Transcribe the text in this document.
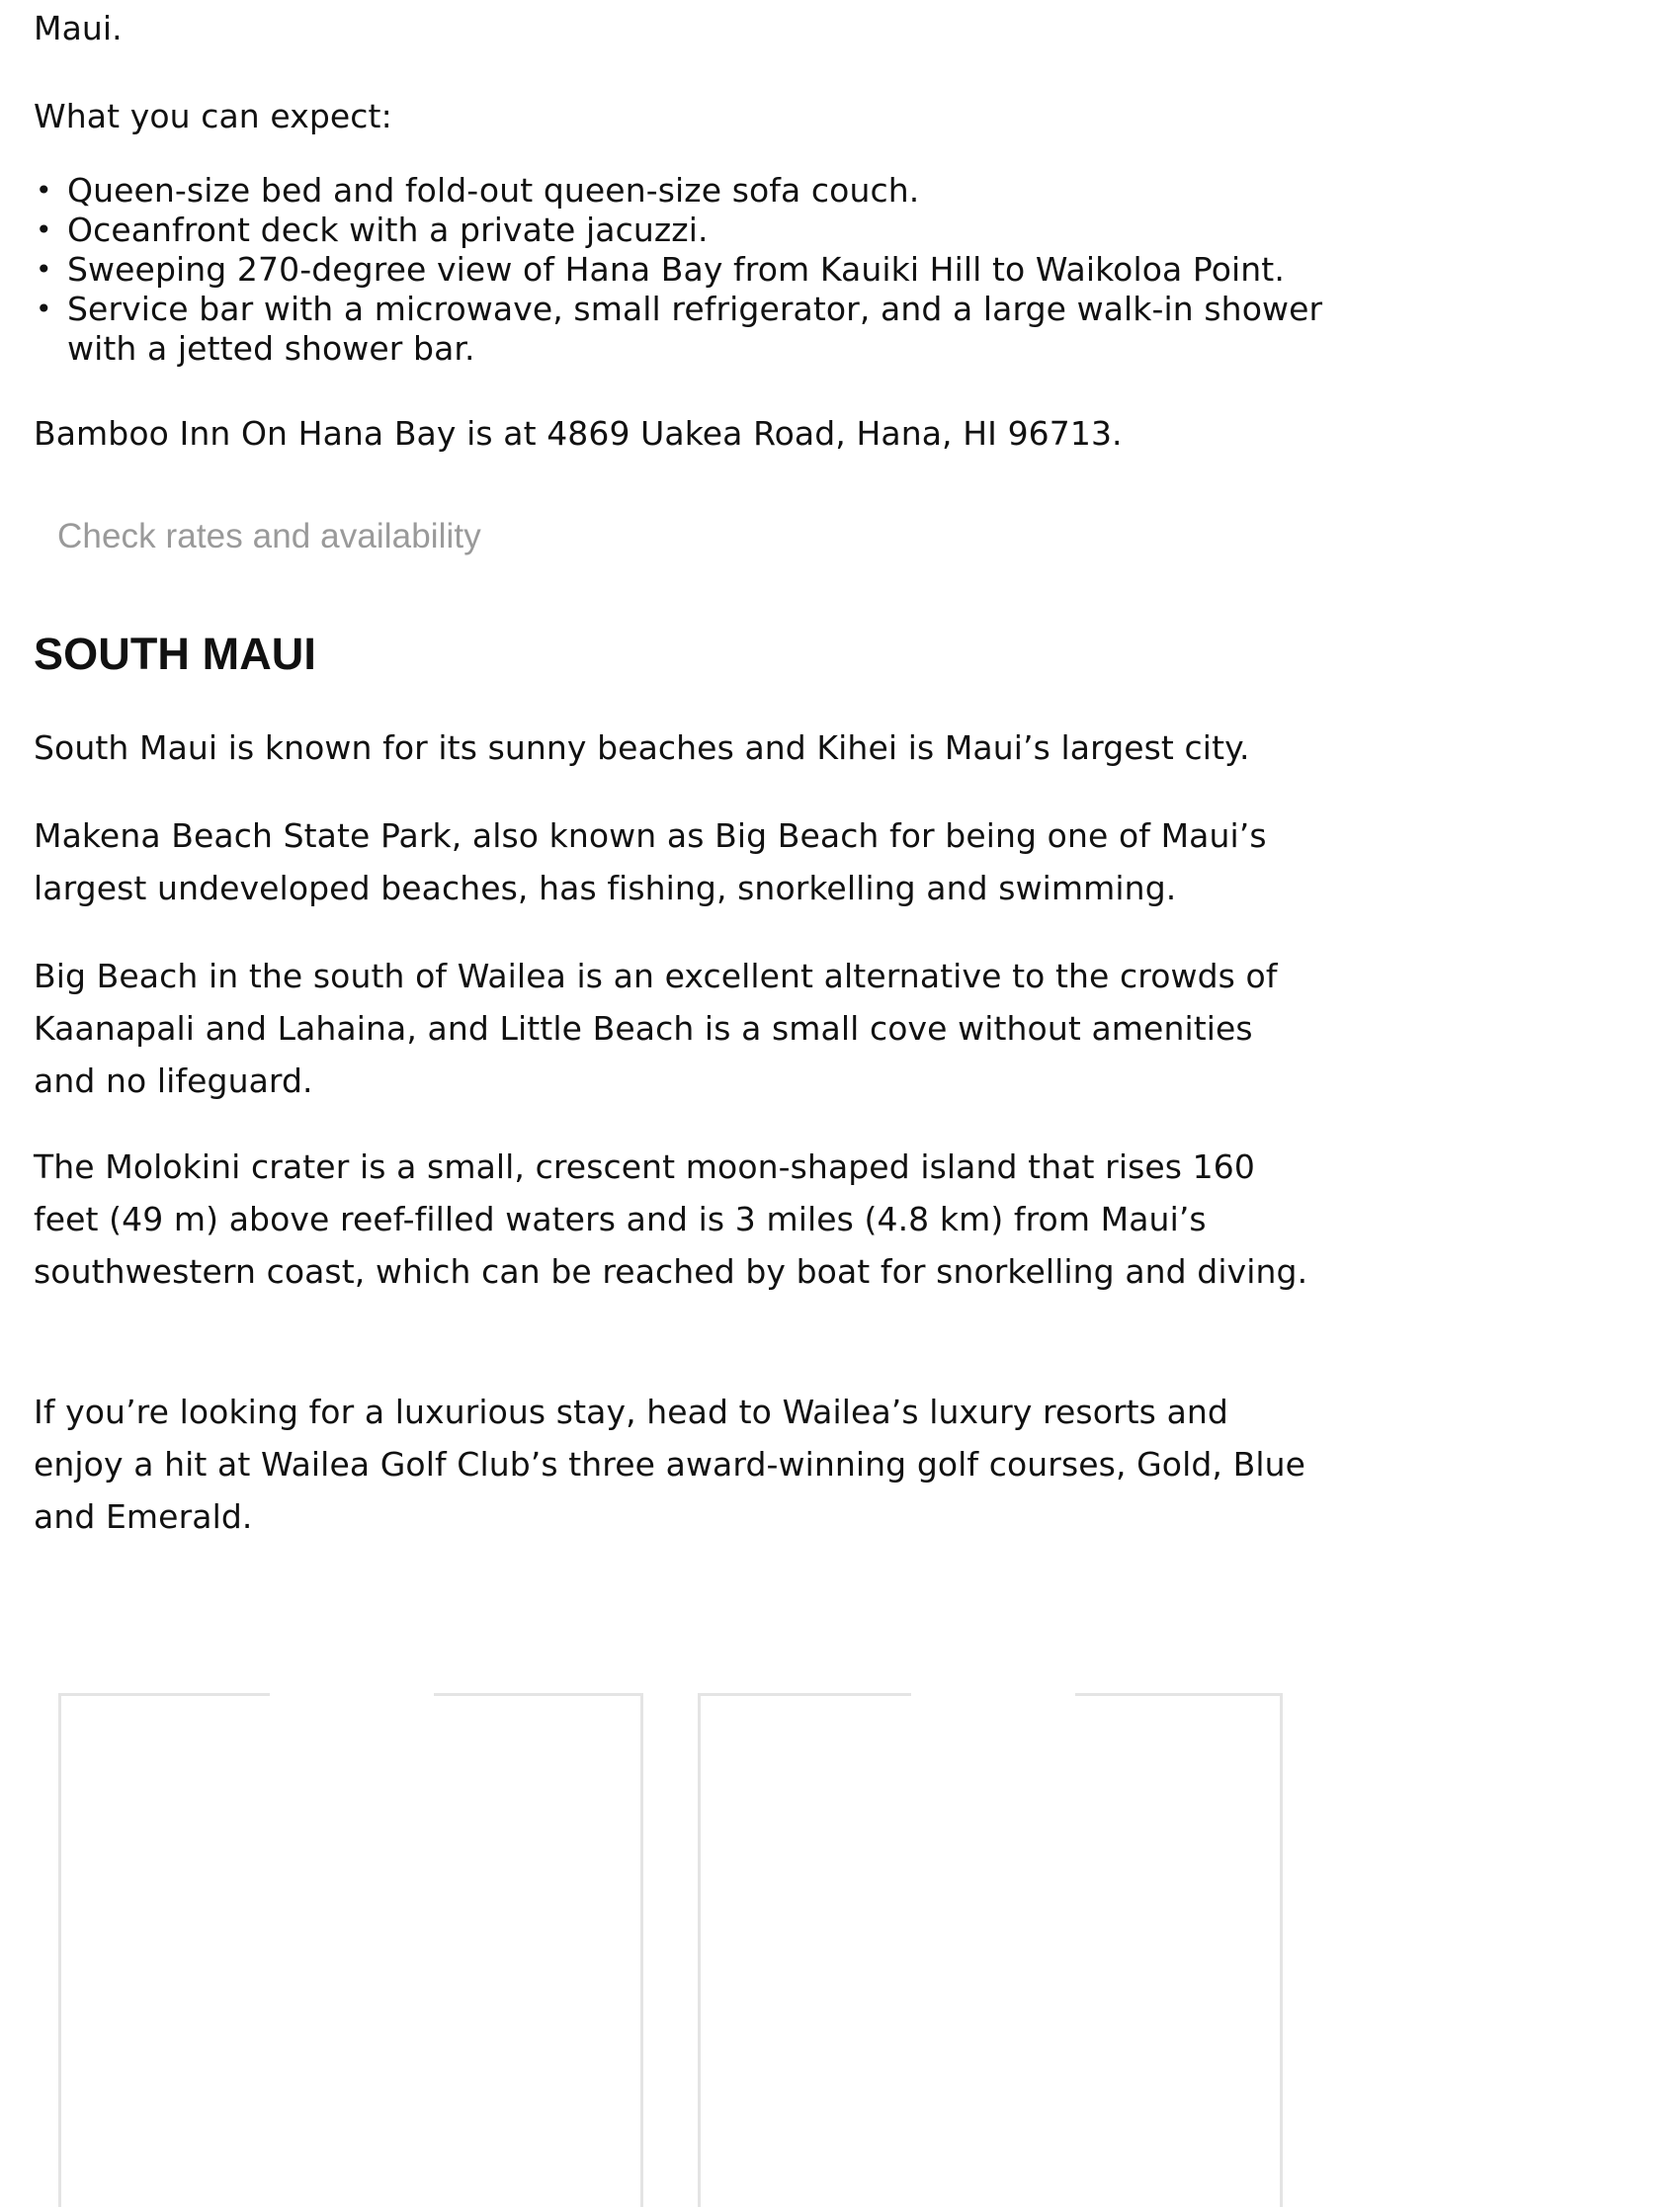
Maui.

What you can expect:

• Queen-size bed and fold-out queen-size sofa couch.
• Oceanfront deck with a private jacuzzi.
• Sweeping 270-degree view of Hana Bay from Kauiki Hill to Waikoloa Point.
• Service bar with a microwave, small refrigerator, and a large walk-in shower with a jetted shower bar.

Bamboo Inn On Hana Bay is at 4869 Uakea Road, Hana, HI 96713.

Check rates and availability
SOUTH MAUI

South Maui is known for its sunny beaches and Kihei is Maui’s largest city.

Makena Beach State Park, also known as Big Beach for being one of Maui’s largest undeveloped beaches, has fishing, snorkelling and swimming.

Big Beach in the south of Wailea is an excellent alternative to the crowds of Kaanapali and Lahaina, and Little Beach is a small cove without amenities and no lifeguard.

The Molokini crater is a small, crescent moon-shaped island that rises 160 feet (49 m) above reef-filled waters and is 3 miles (4.8 km) from Maui’s southwestern coast, which can be reached by boat for snorkelling and diving.

If you’re looking for a luxurious stay, head to Wailea’s luxury resorts and enjoy a hit at Wailea Golf Club’s three award-winning golf courses, Gold, Blue and Emerald.
